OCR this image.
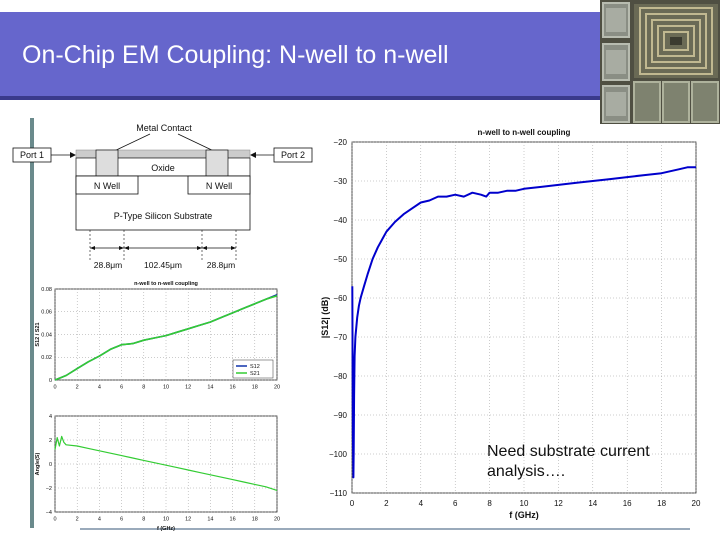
On-Chip EM Coupling: N-well to n-well
Metal Contact
Port 1	Port 2
Oxide
N Well	N Well
P-Type Silicon Substrate
28.8μm	102.45μm	28.8μm
0	2	4	6	8	10	12	14	16	18	20
0
0.02
0.04
0.06
0.08
n-well to n-well coupling
S12 / S21
S12
S21
0	2	4	6	8	10	12	14	16	18	20
4
2
0
−2
−4
f (GHz)
Angle(S)
0	2	4	6	8	10	12	14	16	18	20
−20
−30
−40
−50
−60
−70
−80
−90
−100
−110
n-well to n-well coupling
f (GHz)
|S12| (dB)
Need substrate current analysis….
